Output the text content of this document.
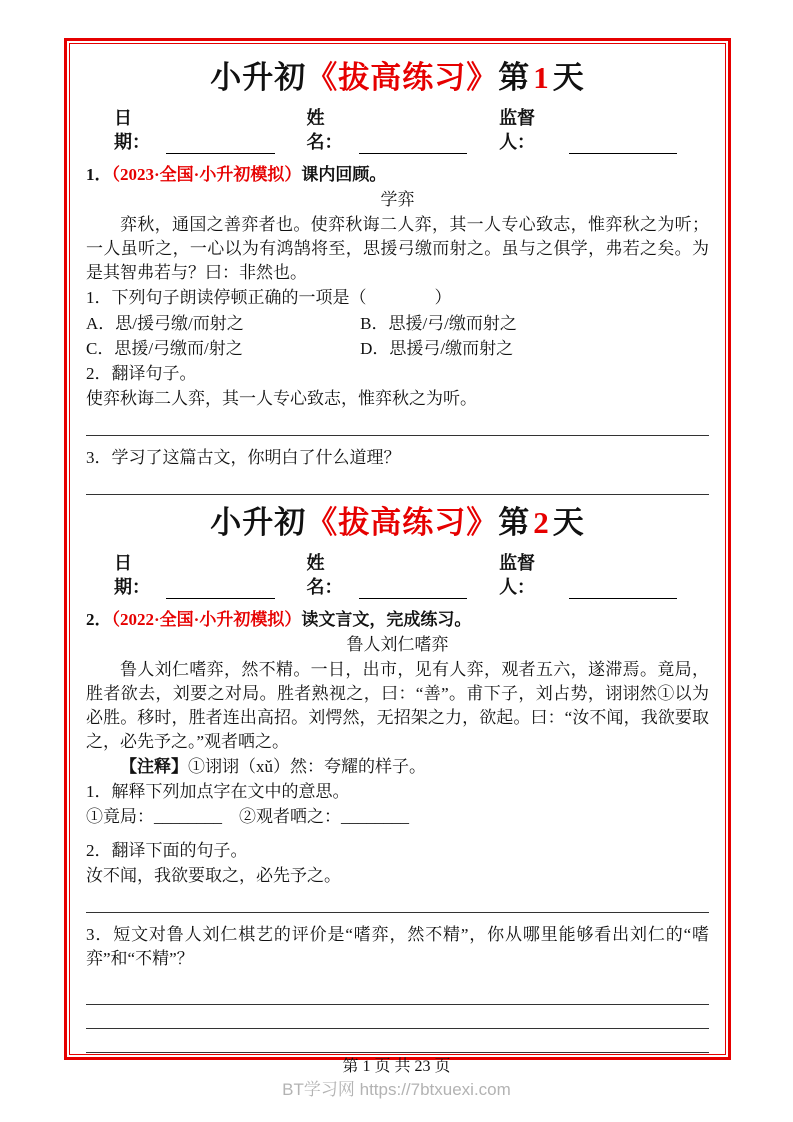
小升初《拔高练习》第1天
日期：
姓名：
监督人：
1．（2023·全国·小升初模拟）课内回顾。
学弈
弈秋，通国之善弈者也。使弈秋诲二人弈，其一人专心致志，惟弈秋之为听；一人虽听之，一心以为有鸿鹄将至，思援弓缴而射之。虽与之俱学，弗若之矣。为是其智弗若与？曰：非然也。
1．下列句子朗读停顿正确的一项是（　　　　）
A．思/援弓缴/而射之	B．思援/弓/缴而射之
C．思援/弓缴而/射之	D．思援弓/缴而射之
2．翻译句子。
使弈秋诲二人弈，其一人专心致志，惟弈秋之为听。
3．学习了这篇古文，你明白了什么道理？
小升初《拔高练习》第2天
日期：
姓名：
监督人：
2．（2022·全国·小升初模拟）读文言文，完成练习。
鲁人刘仁嗜弈
鲁人刘仁嗜弈，然不精。一日，出市，见有人弈，观者五六，遂滞焉。竟局，胜者欲去，刘要之对局。胜者熟视之，曰：“善”。甫下子，刘占势，诩诩然①以为必胜。移时，胜者连出高招。刘愕然，无招架之力，欲起。曰：“汝不闻，我欲要取之，必先予之。”观者哂之。
【注释】①诩诩（xǔ）然：夸耀的样子。
1．解释下列加点字在文中的意思。
①竟局：________　②观者哂之：________
2．翻译下面的句子。
汝不闻，我欲要取之，必先予之。
3．短文对鲁人刘仁棋艺的评价是“嗜弈，然不精”，你从哪里能够看出刘仁的“嗜弈”和“不精”？
第 1 页 共 23 页
BT学习网 https://7btxuexi.com
